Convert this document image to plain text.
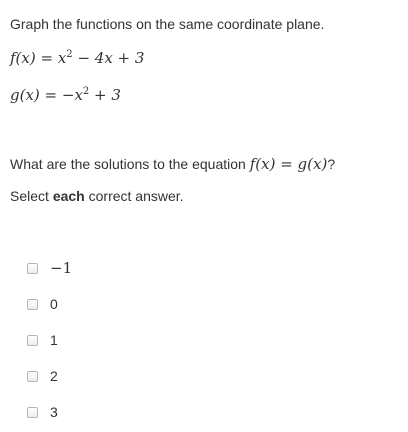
Graph the functions on the same coordinate plane.
$f(x) = x^2 - 4x + 3$
$g(x) = -x^2 + 3$
What are the solutions to the equation f(x) = g(x)?
Select each correct answer.
−1
0
1
2
3
